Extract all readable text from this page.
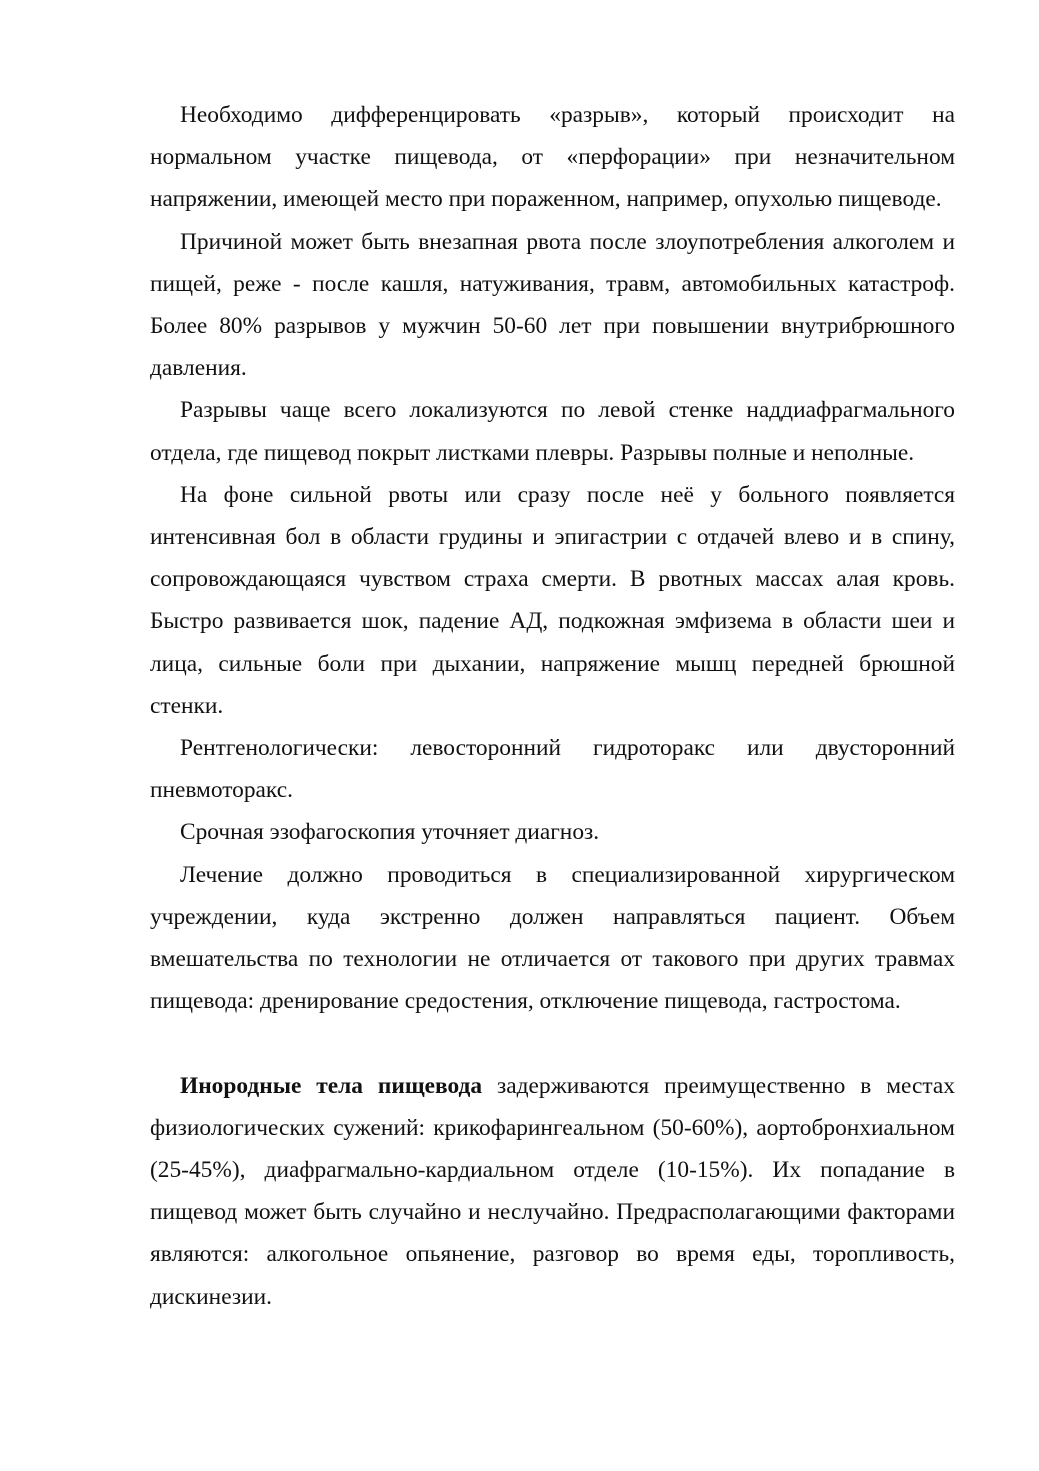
Необходимо дифференцировать «разрыв», который происходит на нормальном участке пищевода, от «перфорации» при незначительном напряжении, имеющей место при пораженном, например, опухолью пищеводе.

Причиной может быть внезапная рвота после злоупотребления алкоголем и пищей, реже - после кашля, натуживания, травм, автомобильных катастроф. Более 80% разрывов у мужчин 50-60 лет при повышении внутрибрюшного давления.

Разрывы чаще всего локализуются по левой стенке наддиафрагмального отдела, где пищевод покрыт листками плевры. Разрывы полные и неполные.

На фоне сильной рвоты или сразу после неё у больного появляется интенсивная бол в области грудины и эпигастрии с отдачей влево и в спину, сопровождающаяся чувством страха смерти. В рвотных массах алая кровь. Быстро развивается шок, падение АД, подкожная эмфизема в области шеи и лица, сильные боли при дыхании, напряжение мышц передней брюшной стенки.

Рентгенологически: левосторонний гидроторакс или двусторонний пневмоторакс.

Срочная эзофагоскопия уточняет диагноз.

Лечение должно проводиться в специализированной хирургическом учреждении, куда экстренно должен направляться пациент. Объем вмешательства по технологии не отличается от такового при других травмах пищевода: дренирование средостения, отключение пищевода, гастростома.

Инородные тела пищевода задерживаются преимущественно в местах физиологических сужений: крикофарингеальном (50-60%), аортобронхиальном (25-45%), диафрагмально-кардиальном отделе (10-15%). Их попадание в пищевод может быть случайно и неслучайно. Предрасполагающими факторами являются: алкогольное опьянение, разговор во время еды, торопливость, дискинезии.
